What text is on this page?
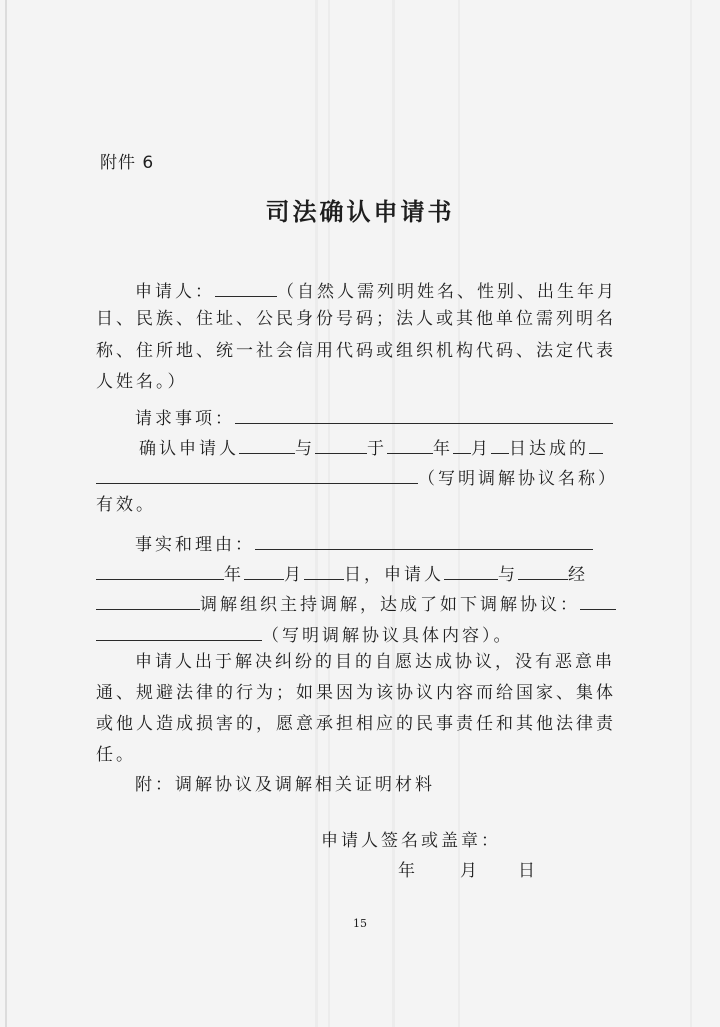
附件 6
司法确认申请书
申请人：	（自然人需列明姓名、性别、出生年月
日、民族、住址、公民身份号码；法人或其他单位需列明名
称、住所地、统一社会信用代码或组织机构代码、法定代表
人姓名。）
请求事项：
确认申请人	与	于	年 月 日达成的
（写明调解协议名称）
有效。
事实和理由：
年 月 日，申请人	与	经
调解组织主持调解，达成了如下调解协议：
（写明调解协议具体内容）。
申请人出于解决纠纷的目的自愿达成协议，没有恶意串
通、规避法律的行为；如果因为该协议内容而给国家、集体
或他人造成损害的，愿意承担相应的民事责任和其他法律责
任。
附：调解协议及调解相关证明材料
申请人签名或盖章：
年 月 日
15
